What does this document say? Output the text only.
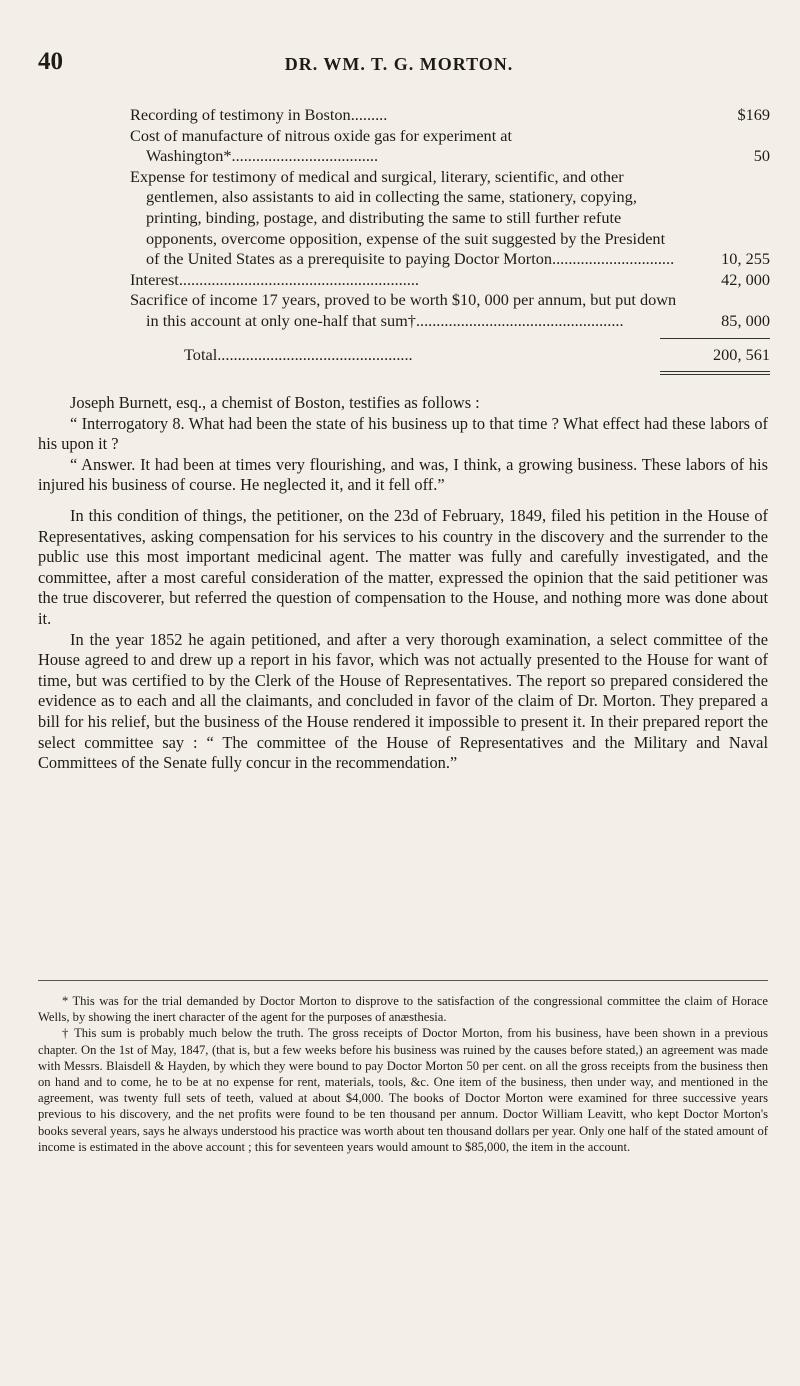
40	DR. WM. T. G. MORTON.
Recording of testimony in Boston.........	$169
Cost of manufacture of nitrous oxide gas for experiment at Washington*....................................	50
Expense for testimony of medical and surgical, literary, scientific, and other gentlemen, also assistants to aid in collecting the same, stationery, copying, printing, binding, postage, and distributing the same to still further refute opponents, overcome opposition, expense of the suit suggested by the President of the United States as a prerequisite to paying Doctor Morton..............................	10, 255
Interest...........................................................	42, 000
Sacrifice of income 17 years, proved to be worth $10, 000 per annum, but put down in this account at only one-half that sum†...................................................	85, 000
Total................................................	200, 561

Joseph Burnett, esq., a chemist of Boston, testifies as follows :

“ Interrogatory 8. What had been the state of his business up to that time ? What effect had these labors of his upon it ?

“ Answer. It had been at times very flourishing, and was, I think, a growing business. These labors of his injured his business of course. He neglected it, and it fell off.”

In this condition of things, the petitioner, on the 23d of February, 1849, filed his petition in the House of Representatives, asking compensation for his services to his country in the discovery and the surrender to the public use this most important medicinal agent. The matter was fully and carefully investigated, and the committee, after a most careful consideration of the matter, expressed the opinion that the said petitioner was the true discoverer, but referred the question of compensation to the House, and nothing more was done about it.

In the year 1852 he again petitioned, and after a very thorough examination, a select committee of the House agreed to and drew up a report in his favor, which was not actually presented to the House for want of time, but was certified to by the Clerk of the House of Representatives. The report so prepared considered the evidence as to each and all the claimants, and concluded in favor of the claim of Dr. Morton. They prepared a bill for his relief, but the business of the House rendered it impossible to present it. In their prepared report the select committee say : “ The committee of the House of Representatives and the Military and Naval Committees of the Senate fully concur in the recommendation.”

* This was for the trial demanded by Doctor Morton to disprove to the satisfaction of the congressional committee the claim of Horace Wells, by showing the inert character of the agent for the purposes of anæsthesia.

† This sum is probably much below the truth. The gross receipts of Doctor Morton, from his business, have been shown in a previous chapter. On the 1st of May, 1847, (that is, but a few weeks before his business was ruined by the causes before stated,) an agreement was made with Messrs. Blaisdell & Hayden, by which they were bound to pay Doctor Morton 50 per cent. on all the gross receipts from the business then on hand and to come, he to be at no expense for rent, materials, tools, &c. One item of the business, then under way, and mentioned in the agreement, was twenty full sets of teeth, valued at about $4,000. The books of Doctor Morton were examined for three successive years previous to his discovery, and the net profits were found to be ten thousand per annum. Doctor William Leavitt, who kept Doctor Morton's books several years, says he always understood his practice was worth about ten thousand dollars per year. Only one half of the stated amount of income is estimated in the above account ; this for seventeen years would amount to $85,000, the item in the account.
